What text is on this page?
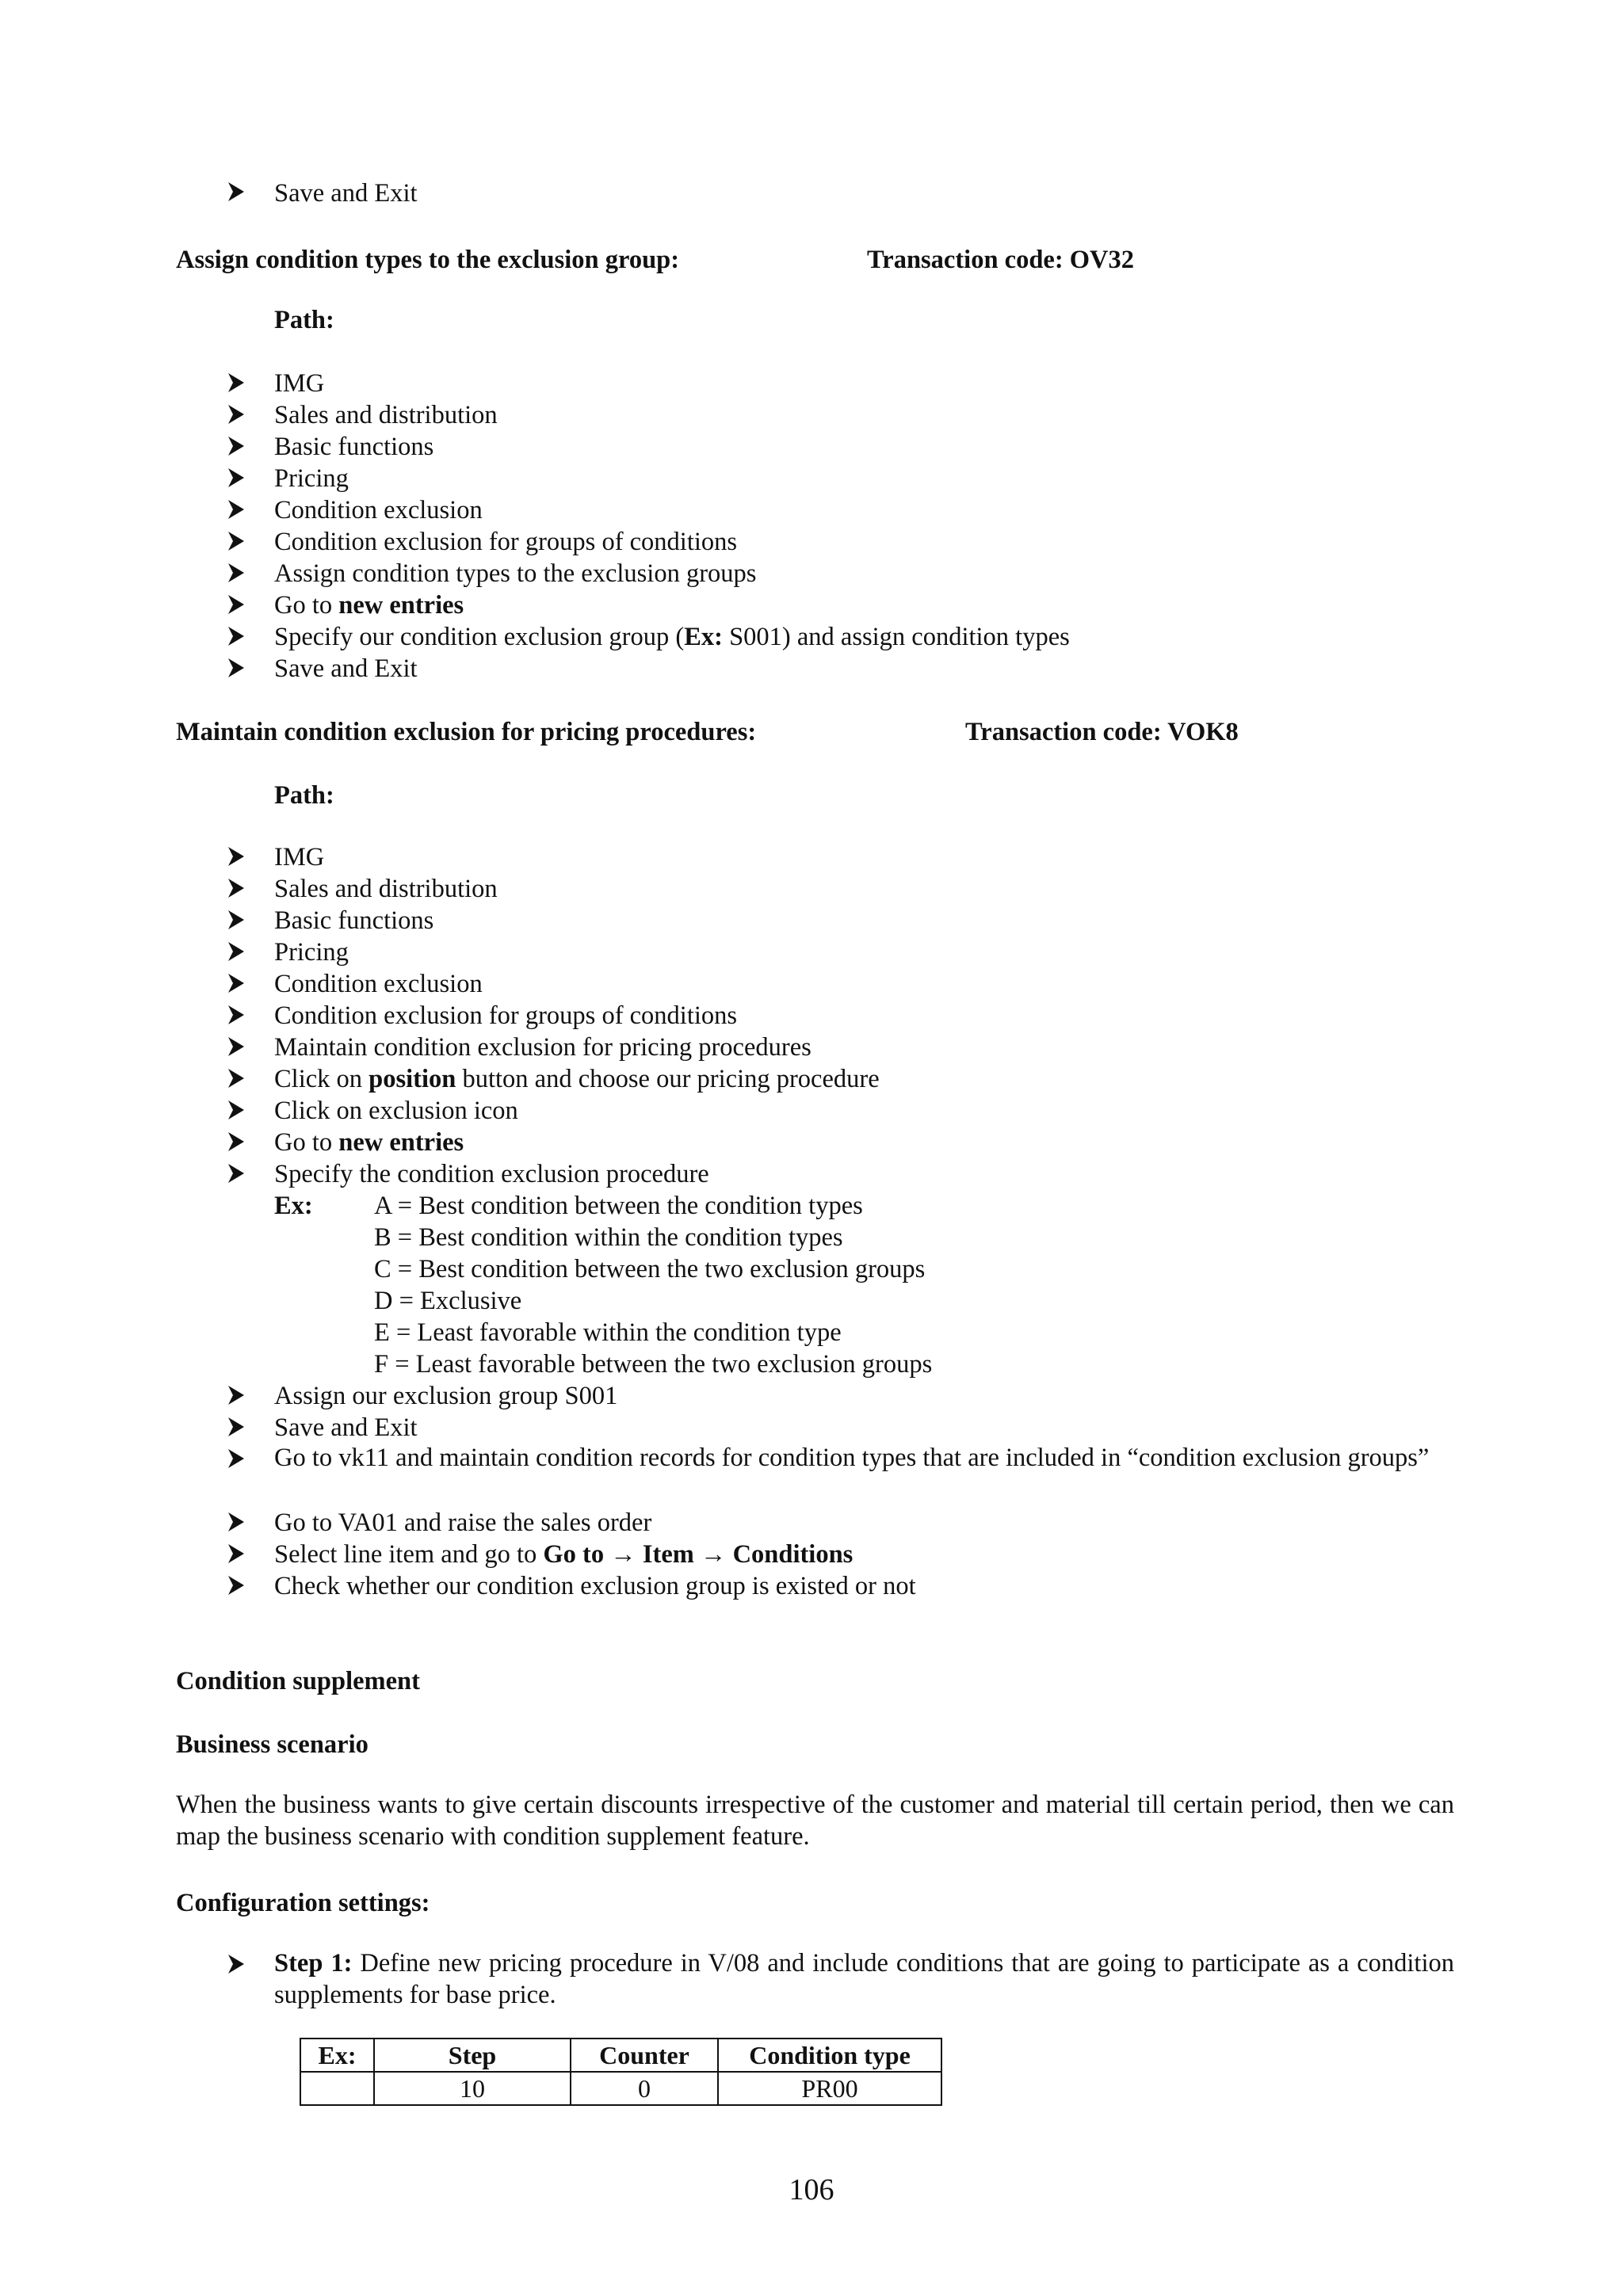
Save and Exit
Assign condition types to the exclusion group:	Transaction code: OV32
Path:
IMG
Sales and distribution
Basic functions
Pricing
Condition exclusion
Condition exclusion for groups of conditions
Assign condition types to the exclusion groups
Go to new entries
Specify our condition exclusion group (Ex: S001) and assign condition types
Save and Exit
Maintain condition exclusion for pricing procedures:	Transaction code: VOK8
Path:
IMG
Sales and distribution
Basic functions
Pricing
Condition exclusion
Condition exclusion for groups of conditions
Maintain condition exclusion for pricing procedures
Click on position button and choose our pricing procedure
Click on exclusion icon
Go to new entries
Specify the condition exclusion procedure
Ex: A = Best condition between the condition types
B = Best condition within the condition types
C = Best condition between the two exclusion groups
D = Exclusive
E = Least favorable within the condition type
F = Least favorable between the two exclusion groups
Assign our exclusion group S001
Save and Exit
Go to vk11 and maintain condition records for condition types that are included in “condition exclusion groups”
Go to VA01 and raise the sales order
Select line item and go to Go to → Item → Conditions
Check whether our condition exclusion group is existed or not
Condition supplement
Business scenario
When the business wants to give certain discounts irrespective of the customer and material till certain period, then we can map the business scenario with condition supplement feature.
Configuration settings:
Step 1: Define new pricing procedure in V/08 and include conditions that are going to participate as a condition supplements for base price.
Ex:	Step	Counter	Condition type
	10	0	PR00
106
